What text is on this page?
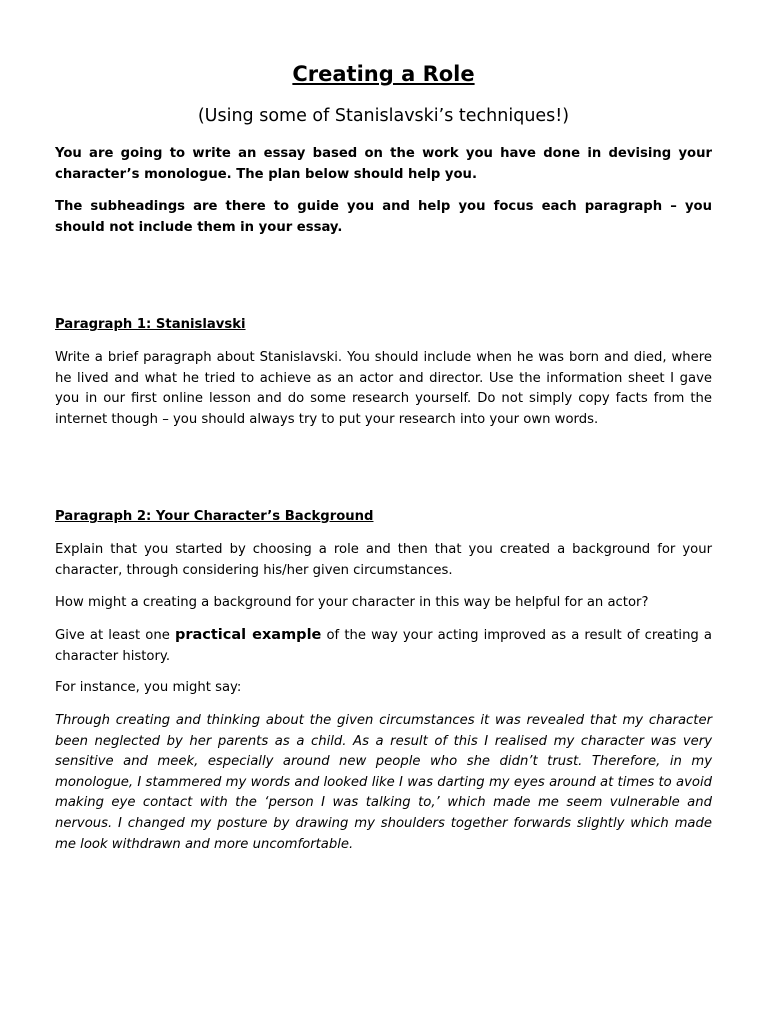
Creating a Role

(Using some of Stanislavski’s techniques!)

You are going to write an essay based on the work you have done in devising your character’s monologue. The plan below should help you.

The subheadings are there to guide you and help you focus each paragraph – you should not include them in your essay.

Paragraph 1: Stanislavski

Write a brief paragraph about Stanislavski. You should include when he was born and died, where he lived and what he tried to achieve as an actor and director. Use the information sheet I gave you in our first online lesson and do some research yourself. Do not simply copy facts from the internet though – you should always try to put your research into your own words.

Paragraph 2: Your Character’s Background

Explain that you started by choosing a role and then that you created a background for your character, through considering his/her given circumstances.

How might a creating a background for your character in this way be helpful for an actor?

Give at least one practical example of the way your acting improved as a result of creating a character history.

For instance, you might say:

Through creating and thinking about the given circumstances it was revealed that my character been neglected by her parents as a child. As a result of this I realised my character was very sensitive and meek, especially around new people who she didn’t trust. Therefore, in my monologue, I stammered my words and looked like I was darting my eyes around at times to avoid making eye contact with the ‘person I was talking to,’ which made me seem vulnerable and nervous. I changed my posture by drawing my shoulders together forwards slightly which made me look withdrawn and more uncomfortable.
